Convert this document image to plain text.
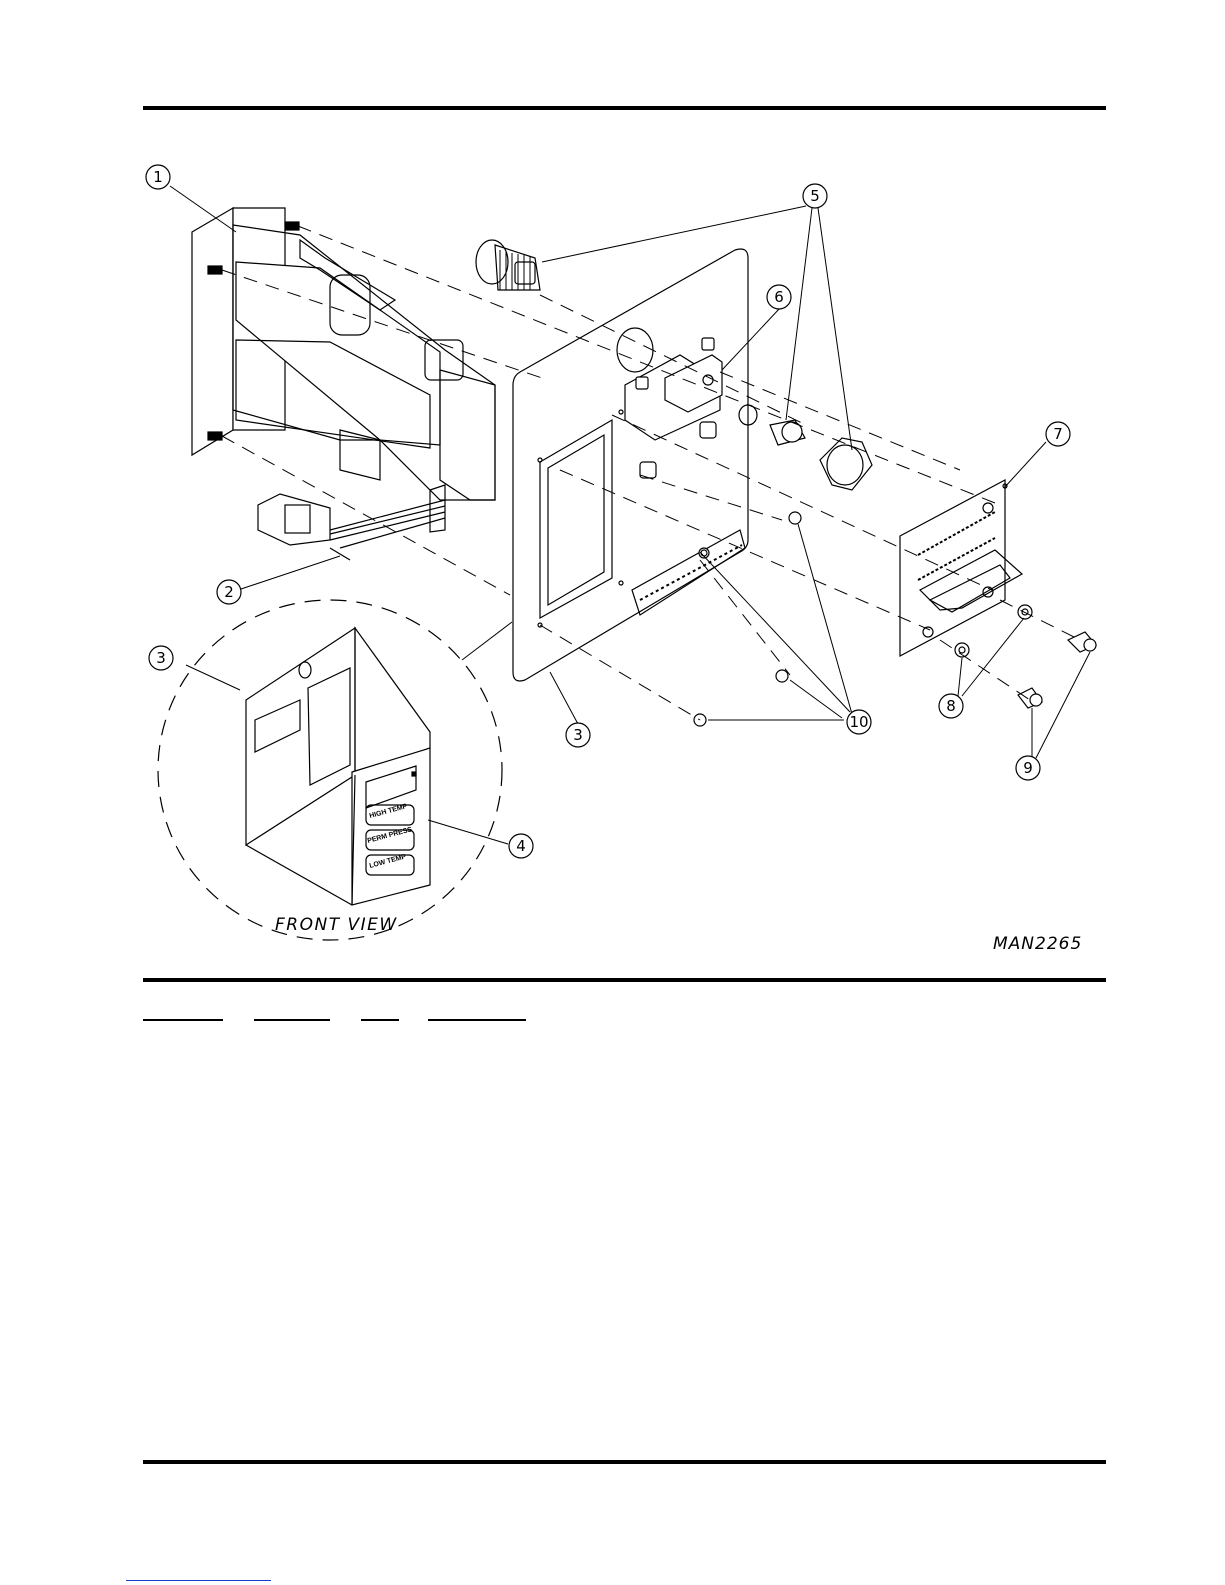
HIGH TEMP
PERM PRESS
LOW TEMP
1
2
3
3
4
5
6
7
8
9
10
FRONT VIEW
MAN2265
